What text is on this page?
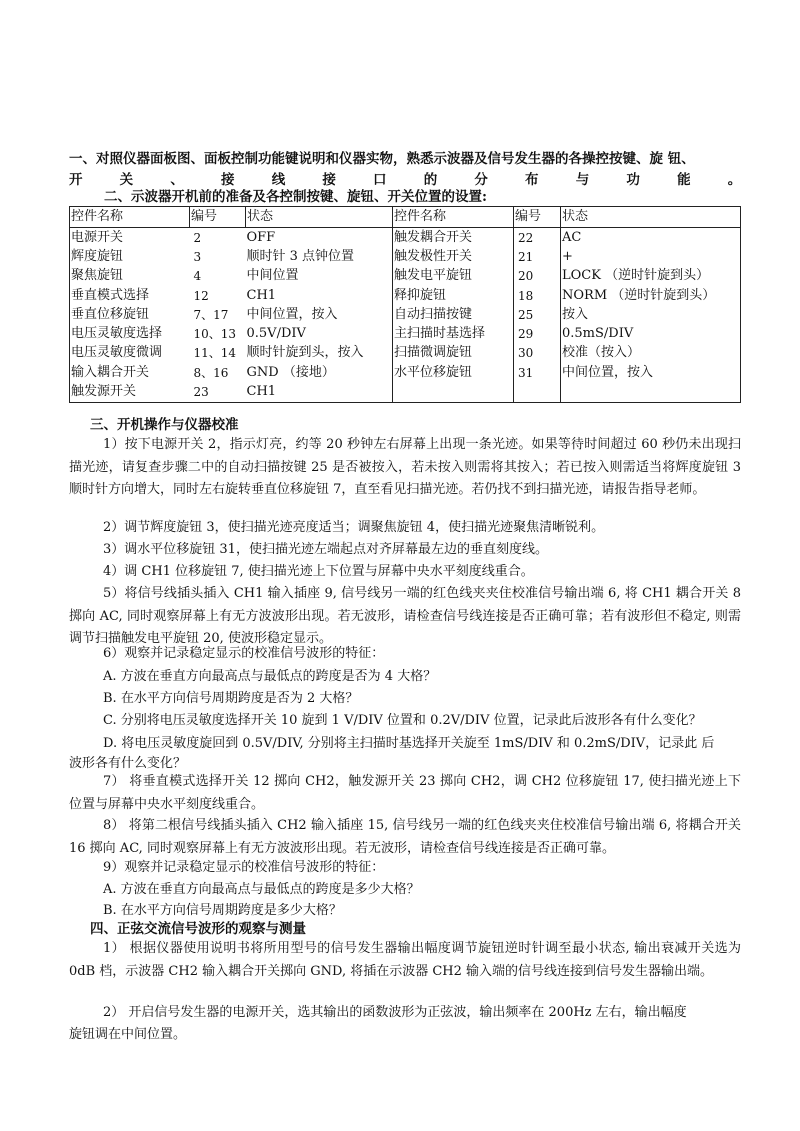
一、对照仪器面板图、面板控制功能键说明和仪器实物，熟悉示波器及信号发生器的各操控按键、旋 钮、
开 关 、 接 线 接 口 的 分 布 与 功 能 。
二、示波器开机前的准备及各控制按键、旋钮、开关位置的设置:
控件名称	编号	状态	控件名称	编号	状态
电源开关	2	OFF	触发耦合开关	22	AC
辉度旋钮	3	顺时针 3 点钟位置	触发极性开关	21	+
聚焦旋钮	4	中间位置	触发电平旋钮	20	LOCK （逆时针旋到头）
垂直模式选择	12	CH1	释抑旋钮	18	NORM （逆时针旋到头）
垂直位移旋钮	7、17	中间位置，按入	自动扫描按键	25	按入
电压灵敏度选择	10、13	0.5V/DIV	主扫描时基选择	29	0.5mS/DIV
电压灵敏度微调	11、14	顺时针旋到头，按入	扫描微调旋钮	30	校准（按入）
输入耦合开关	8、16	GND （接地）	水平位移旋钮	31	中间位置，按入
触发源开关	23	CH1			
三、开机操作与仪器校准
1）按下电源开关 2，指示灯亮，约等 20 秒钟左右屏幕上出现一条光迹。如果等待时间超过 60 秒仍未出现扫描光迹，请复查步骤二中的自动扫描按键 25 是否被按入，若未按入则需将其按入；若已按入则需适当将辉度旋钮 3 顺时针方向增大，同时左右旋转垂直位移旋钮 7，直至看见扫描光迹。若仍找不到扫描光迹，请报告指导老师。
2）调节辉度旋钮 3，使扫描光迹亮度适当；调聚焦旋钮 4，使扫描光迹聚焦清晰锐利。
3）调水平位移旋钮 31，使扫描光迹左端起点对齐屏幕最左边的垂直刻度线。
4）调 CH1 位移旋钮 7, 使扫描光迹上下位置与屏幕中央水平刻度线重合。
5）将信号线插头插入 CH1 输入插座 9, 信号线另一端的红色线夹夹住校准信号输出端 6, 将 CH1 耦合开关 8 掷向 AC, 同时观察屏幕上有无方波波形出现。若无波形，请检查信号线连接是否正确可靠；若有波形但不稳定, 则需调节扫描触发电平旋钮 20, 使波形稳定显示。
6）观察并记录稳定显示的校准信号波形的特征：
A. 方波在垂直方向最高点与最低点的跨度是否为 4 大格？
B. 在水平方向信号周期跨度是否为 2 大格？
C. 分别将电压灵敏度选择开关 10 旋到 1 V/DIV 位置和 0.2V/DIV 位置，记录此后波形各有什么变化？
D. 将电压灵敏度旋回到 0.5V/DIV, 分别将主扫描时基选择开关旋至 1mS/DIV 和 0.2mS/DIV，记录此 后
波形各有什么变化？
7） 将垂直模式选择开关 12 掷向 CH2，触发源开关 23 掷向 CH2，调 CH2 位移旋钮 17, 使扫描光迹上下位置与屏幕中央水平刻度线重合。
8） 将第二根信号线插头插入 CH2 输入插座 15, 信号线另一端的红色线夹夹住校准信号输出端 6, 将耦合开关 16 掷向 AC, 同时观察屏幕上有无方波波形出现。若无波形，请检查信号线连接是否正确可靠。
9）观察并记录稳定显示的校准信号波形的特征：
A. 方波在垂直方向最高点与最低点的跨度是多少大格？
B. 在水平方向信号周期跨度是多少大格？
四、正弦交流信号波形的观察与测量
1） 根据仪器使用说明书将所用型号的信号发生器输出幅度调节旋钮逆时针调至最小状态, 输出衰减开关选为 0dB 档，示波器 CH2 输入耦合开关掷向 GND, 将插在示波器 CH2 输入端的信号线连接到信号发生器输出端。
2） 开启信号发生器的电源开关，选其输出的函数波形为正弦波，输出频率在 200Hz 左右，输出幅度
旋钮调在中间位置。
